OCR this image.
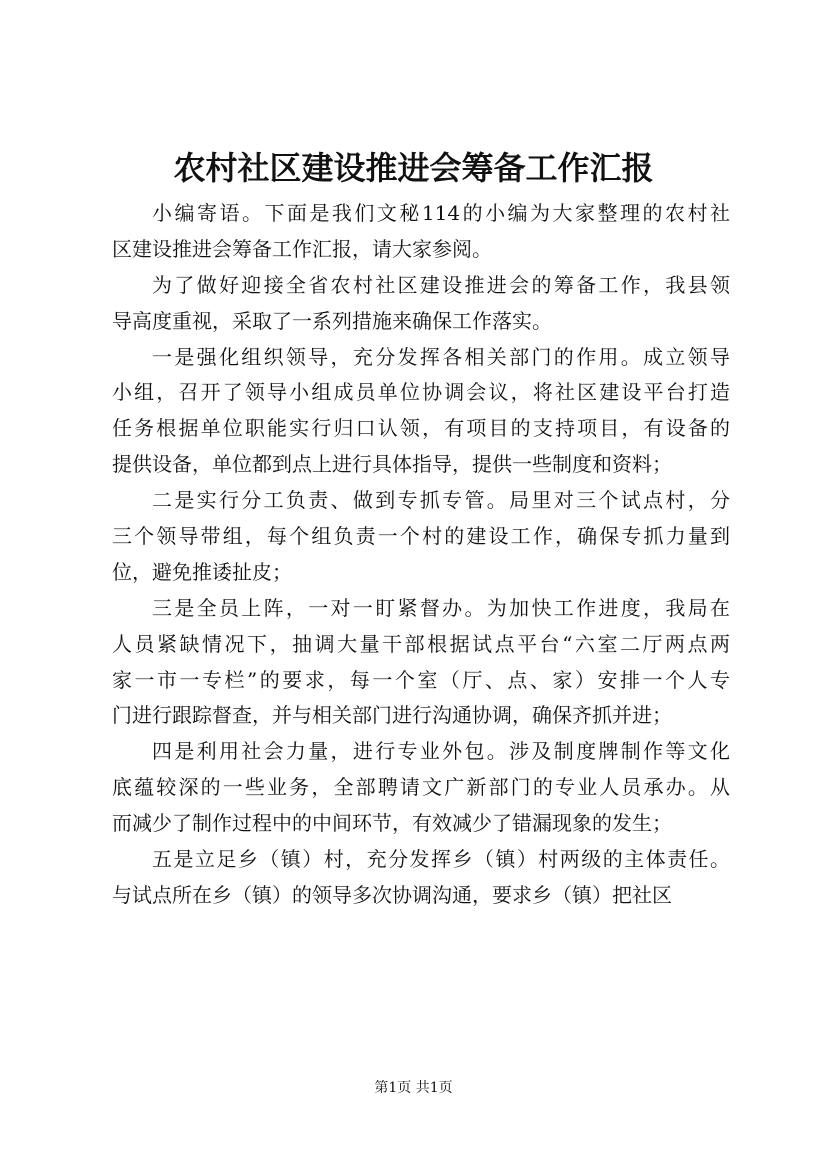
农村社区建设推进会筹备工作汇报
小编寄语。下面是我们文秘114的小编为大家整理的农村社
区建设推进会筹备工作汇报，请大家参阅。
为了做好迎接全省农村社区建设推进会的筹备工作，我县领
导高度重视，采取了一系列措施来确保工作落实。
一是强化组织领导，充分发挥各相关部门的作用。成立领导
小组，召开了领导小组成员单位协调会议，将社区建设平台打造
任务根据单位职能实行归口认领，有项目的支持项目，有设备的
提供设备，单位都到点上进行具体指导，提供一些制度和资料；
二是实行分工负责、做到专抓专管。局里对三个试点村，分
三个领导带组，每个组负责一个村的建设工作，确保专抓力量到
位，避免推诿扯皮；
三是全员上阵，一对一盯紧督办。为加快工作进度，我局在
人员紧缺情况下，抽调大量干部根据试点平台“六室二厅两点两
家一市一专栏”的要求，每一个室（厅、点、家）安排一个人专
门进行跟踪督查，并与相关部门进行沟通协调，确保齐抓并进；
四是利用社会力量，进行专业外包。涉及制度牌制作等文化
底蕴较深的一些业务，全部聘请文广新部门的专业人员承办。从
而减少了制作过程中的中间环节，有效减少了错漏现象的发生；
五是立足乡（镇）村，充分发挥乡（镇）村两级的主体责任。
与试点所在乡（镇）的领导多次协调沟通，要求乡（镇）把社区
第1页 共1页
